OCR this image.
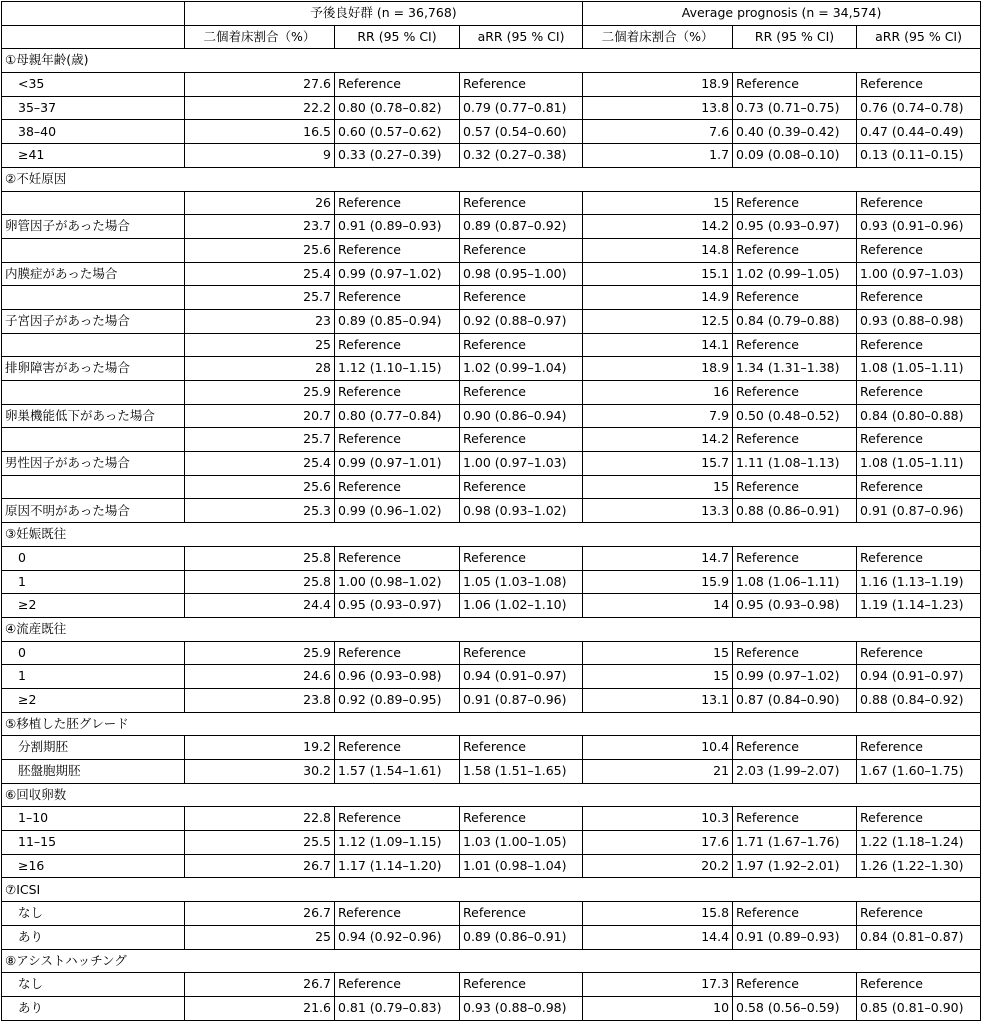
	予後良好群 (n = 36,768)			Average prognosis (n = 34,574)		
	二個着床割合（%）	RR (95 % CI)	aRR (95 % CI)	二個着床割合（%）	RR (95 % CI)	aRR (95 % CI)
①母親年齢(歳)						
<35	27.6	Reference	Reference	18.9	Reference	Reference
35–37	22.2	0.80 (0.78–0.82)	0.79 (0.77–0.81)	13.8	0.73 (0.71–0.75)	0.76 (0.74–0.78)
38–40	16.5	0.60 (0.57–0.62)	0.57 (0.54–0.60)	7.6	0.40 (0.39–0.42)	0.47 (0.44–0.49)
≥41	9	0.33 (0.27–0.39)	0.32 (0.27–0.38)	1.7	0.09 (0.08–0.10)	0.13 (0.11–0.15)
②不妊原因						
	26	Reference	Reference	15	Reference	Reference
卵管因子があった場合	23.7	0.91 (0.89–0.93)	0.89 (0.87–0.92)	14.2	0.95 (0.93–0.97)	0.93 (0.91–0.96)
	25.6	Reference	Reference	14.8	Reference	Reference
内膜症があった場合	25.4	0.99 (0.97–1.02)	0.98 (0.95–1.00)	15.1	1.02 (0.99–1.05)	1.00 (0.97–1.03)
	25.7	Reference	Reference	14.9	Reference	Reference
子宮因子があった場合	23	0.89 (0.85–0.94)	0.92 (0.88–0.97)	12.5	0.84 (0.79–0.88)	0.93 (0.88–0.98)
	25	Reference	Reference	14.1	Reference	Reference
排卵障害があった場合	28	1.12 (1.10–1.15)	1.02 (0.99–1.04)	18.9	1.34 (1.31–1.38)	1.08 (1.05–1.11)
	25.9	Reference	Reference	16	Reference	Reference
卵巣機能低下があった場合	20.7	0.80 (0.77–0.84)	0.90 (0.86–0.94)	7.9	0.50 (0.48–0.52)	0.84 (0.80–0.88)
	25.7	Reference	Reference	14.2	Reference	Reference
男性因子があった場合	25.4	0.99 (0.97–1.01)	1.00 (0.97–1.03)	15.7	1.11 (1.08–1.13)	1.08 (1.05–1.11)
	25.6	Reference	Reference	15	Reference	Reference
原因不明があった場合	25.3	0.99 (0.96–1.02)	0.98 (0.93–1.02)	13.3	0.88 (0.86–0.91)	0.91 (0.87–0.96)
③妊娠既往						
0	25.8	Reference	Reference	14.7	Reference	Reference
1	25.8	1.00 (0.98–1.02)	1.05 (1.03–1.08)	15.9	1.08 (1.06–1.11)	1.16 (1.13–1.19)
≥2	24.4	0.95 (0.93–0.97)	1.06 (1.02–1.10)	14	0.95 (0.93–0.98)	1.19 (1.14–1.23)
④流産既往						
0	25.9	Reference	Reference	15	Reference	Reference
1	24.6	0.96 (0.93–0.98)	0.94 (0.91–0.97)	15	0.99 (0.97–1.02)	0.94 (0.91–0.97)
≥2	23.8	0.92 (0.89–0.95)	0.91 (0.87–0.96)	13.1	0.87 (0.84–0.90)	0.88 (0.84–0.92)
⑤移植した胚グレード						
分割期胚	19.2	Reference	Reference	10.4	Reference	Reference
胚盤胞期胚	30.2	1.57 (1.54–1.61)	1.58 (1.51–1.65)	21	2.03 (1.99–2.07)	1.67 (1.60–1.75)
⑥回収卵数						
1–10	22.8	Reference	Reference	10.3	Reference	Reference
11–15	25.5	1.12 (1.09–1.15)	1.03 (1.00–1.05)	17.6	1.71 (1.67–1.76)	1.22 (1.18–1.24)
≥16	26.7	1.17 (1.14–1.20)	1.01 (0.98–1.04)	20.2	1.97 (1.92–2.01)	1.26 (1.22–1.30)
⑦ICSI						
なし	26.7	Reference	Reference	15.8	Reference	Reference
あり	25	0.94 (0.92–0.96)	0.89 (0.86–0.91)	14.4	0.91 (0.89–0.93)	0.84 (0.81–0.87)
⑧アシストハッチング						
なし	26.7	Reference	Reference	17.3	Reference	Reference
あり	21.6	0.81 (0.79–0.83)	0.93 (0.88–0.98)	10	0.58 (0.56–0.59)	0.85 (0.81–0.90)
